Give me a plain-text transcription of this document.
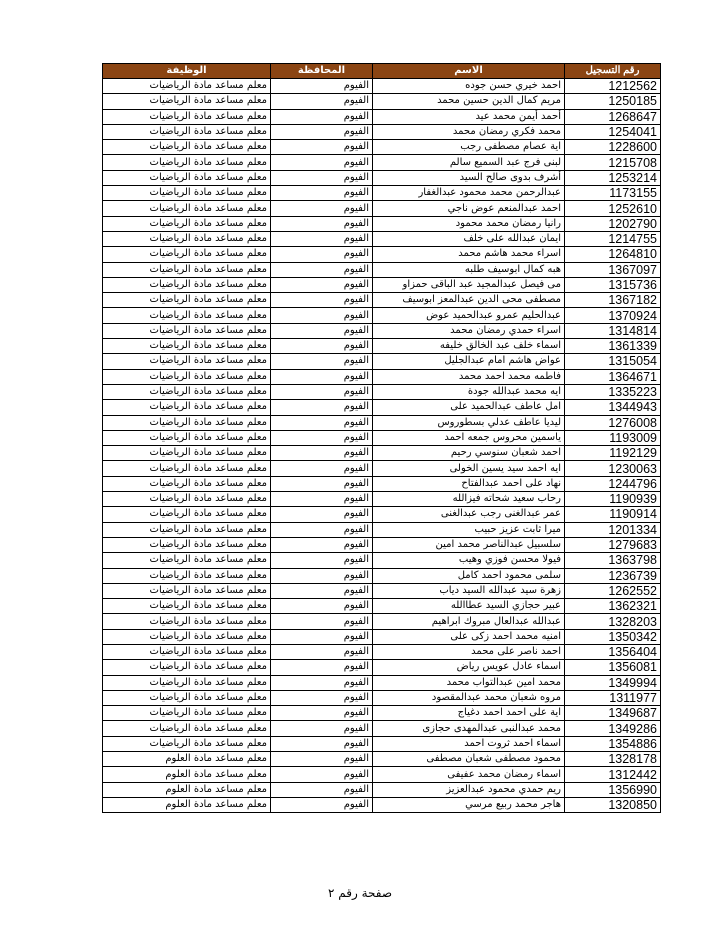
الوظيفة	المحافظة	الاسم	رقم التسجيل
معلم مساعد مادة الرياضيات	الفيوم	احمد خيري حسن جوده	1212562
معلم مساعد مادة الرياضيات	الفيوم	مريم كمال الدين حسين محمد	1250185
معلم مساعد مادة الرياضيات	الفيوم	أحمد أيمن محمد عيد	1268647
معلم مساعد مادة الرياضيات	الفيوم	محمد فكري رمضان محمد	1254041
معلم مساعد مادة الرياضيات	الفيوم	اية عصام مصطفى رجب	1228600
معلم مساعد مادة الرياضيات	الفيوم	لبنى فرج عبد السميع سالم	1215708
معلم مساعد مادة الرياضيات	الفيوم	أشرف بدوى صالح السيد	1253214
معلم مساعد مادة الرياضيات	الفيوم	عبدالرحمن محمد محمود عبدالغفار	1173155
معلم مساعد مادة الرياضيات	الفيوم	احمد عبدالمنعم عوض ناجي	1252610
معلم مساعد مادة الرياضيات	الفيوم	رانيا رمضان محمد محمود	1202790
معلم مساعد مادة الرياضيات	الفيوم	ايمان عبدالله على خلف	1214755
معلم مساعد مادة الرياضيات	الفيوم	اسراء محمد هاشم محمد	1264810
معلم مساعد مادة الرياضيات	الفيوم	هبه كمال ابوسيف طلبه	1367097
معلم مساعد مادة الرياضيات	الفيوم	مى فيصل عبدالمجيد عبد الباقى حمزاو	1315736
معلم مساعد مادة الرياضيات	الفيوم	مصطفى محى الدين عبدالمعز ابوسيف	1367182
معلم مساعد مادة الرياضيات	الفيوم	عبدالحليم عمرو عبدالحميد عوض	1370924
معلم مساعد مادة الرياضيات	الفيوم	اسراء حمدي رمضان محمد	1314814
معلم مساعد مادة الرياضيات	الفيوم	اسماء خلف عبد الخالق خليفه	1361339
معلم مساعد مادة الرياضيات	الفيوم	عواض هاشم امام عبدالجليل	1315054
معلم مساعد مادة الرياضيات	الفيوم	فاطمه محمد احمد محمد	1364671
معلم مساعد مادة الرياضيات	الفيوم	ايه محمد عبدالله جودة	1335223
معلم مساعد مادة الرياضيات	الفيوم	امل عاطف عبدالحميد على	1344943
معلم مساعد مادة الرياضيات	الفيوم	ليديا عاطف عدلي بسطوروس	1276008
معلم مساعد مادة الرياضيات	الفيوم	ياسمين محروس جمعه احمد	1193009
معلم مساعد مادة الرياضيات	الفيوم	احمد شعبان سنوسي رحيم	1192129
معلم مساعد مادة الرياضيات	الفيوم	ايه احمد سيد يسين الخولى	1230063
معلم مساعد مادة الرياضيات	الفيوم	نهاد على احمد عبدالفتاح	1244796
معلم مساعد مادة الرياضيات	الفيوم	رحاب سعيد شحاته فيزالله	1190939
معلم مساعد مادة الرياضيات	الفيوم	عمر عبدالغنى رجب عبدالغنى	1190914
معلم مساعد مادة الرياضيات	الفيوم	ميرا ثابت عزيز حبيب	1201334
معلم مساعد مادة الرياضيات	الفيوم	سلسبيل عبدالناصر محمد امين	1279683
معلم مساعد مادة الرياضيات	الفيوم	فيولا محسن فوزي وهيب	1363798
معلم مساعد مادة الرياضيات	الفيوم	سلمى محمود احمد كامل	1236739
معلم مساعد مادة الرياضيات	الفيوم	زهرة سيد عبدالله السيد دياب	1262552
معلم مساعد مادة الرياضيات	الفيوم	عبير حجازي السيد عطاالله	1362321
معلم مساعد مادة الرياضيات	الفيوم	عبدالله عبدالعال مبروك ابراهيم	1328203
معلم مساعد مادة الرياضيات	الفيوم	امنيه محمد احمد زكى على	1350342
معلم مساعد مادة الرياضيات	الفيوم	احمد ناصر على محمد	1356404
معلم مساعد مادة الرياضيات	الفيوم	اسماء عادل عويس رياض	1356081
معلم مساعد مادة الرياضيات	الفيوم	محمد امين عبدالتواب محمد	1349994
معلم مساعد مادة الرياضيات	الفيوم	مروه شعبان محمد عبدالمقصود	1311977
معلم مساعد مادة الرياضيات	الفيوم	اية على احمد احمد دغياج	1349687
معلم مساعد مادة الرياضيات	الفيوم	محمد عبدالنبى عبدالمهدى حجازى	1349286
معلم مساعد مادة الرياضيات	الفيوم	اسماء احمد ثروت احمد	1354886
معلم مساعد مادة العلوم	الفيوم	محمود مصطفى شعبان مصطفى	1328178
معلم مساعد مادة العلوم	الفيوم	اسماء رمضان محمد عفيفى	1312442
معلم مساعد مادة العلوم	الفيوم	ريم حمدي محمود عبدالعزيز	1356990
معلم مساعد مادة العلوم	الفيوم	هاجر محمد ربيع مرسي	1320850
صفحة رقم ٢
